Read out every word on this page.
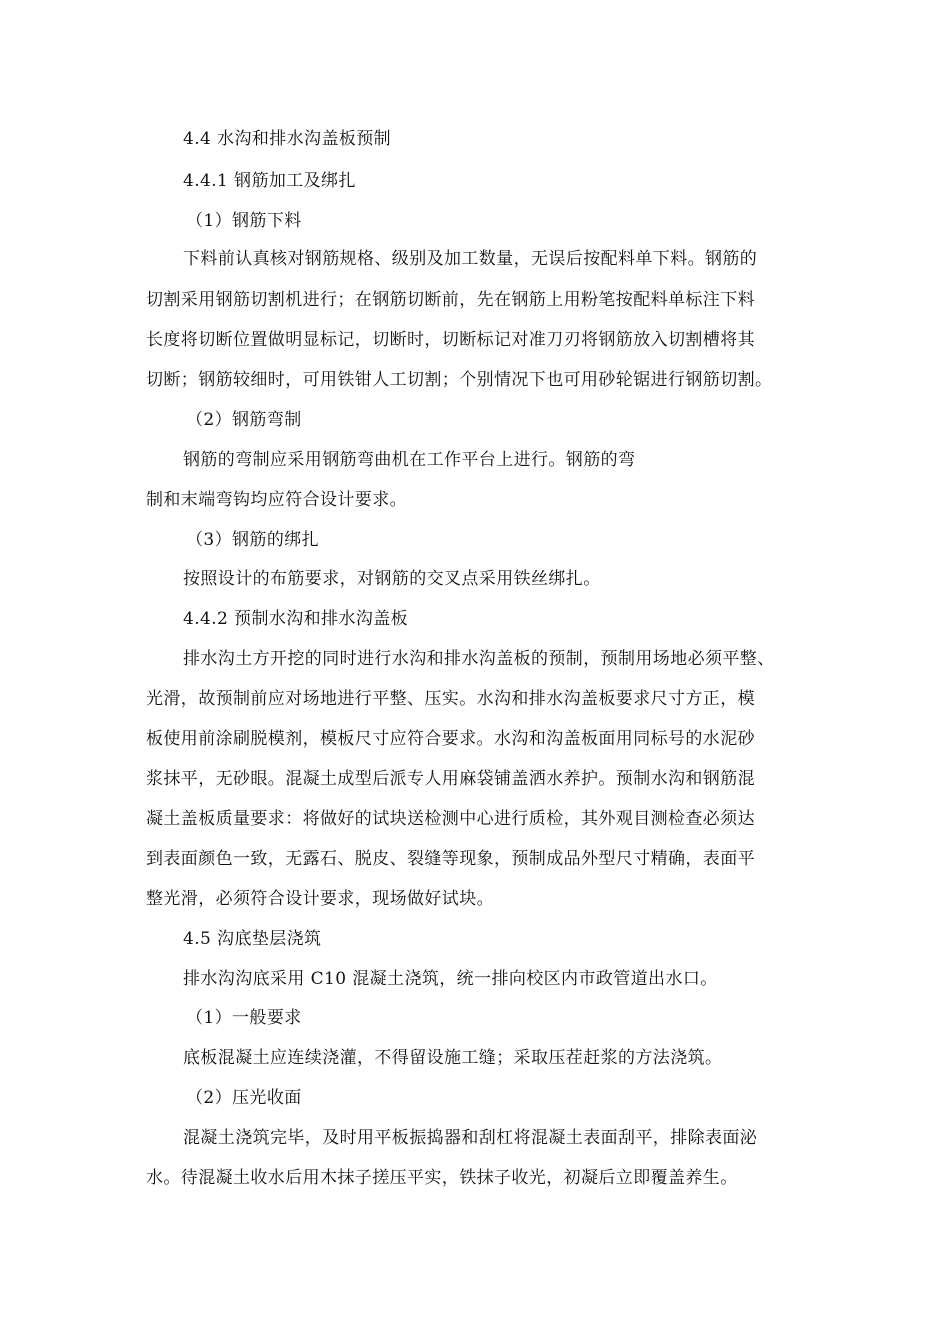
4.4 水沟和排水沟盖板预制
4.4.1 钢筋加工及绑扎
（1）钢筋下料
下料前认真核对钢筋规格、级别及加工数量，无误后按配料单下料。钢筋的
切割采用钢筋切割机进行；在钢筋切断前，先在钢筋上用粉笔按配料单标注下料
长度将切断位置做明显标记，切断时，切断标记对准刀刃将钢筋放入切割槽将其
切断；钢筋较细时，可用铁钳人工切割；个别情况下也可用砂轮锯进行钢筋切割。
（2）钢筋弯制
钢筋的弯制应采用钢筋弯曲机在工作平台上进行。钢筋的弯
制和末端弯钩均应符合设计要求。
（3）钢筋的绑扎
按照设计的布筋要求，对钢筋的交叉点采用铁丝绑扎。
4.4.2 预制水沟和排水沟盖板
排水沟土方开挖的同时进行水沟和排水沟盖板的预制，预制用场地必须平整、
光滑，故预制前应对场地进行平整、压实。水沟和排水沟盖板要求尺寸方正，模
板使用前涂刷脱模剂，模板尺寸应符合要求。水沟和沟盖板面用同标号的水泥砂
浆抹平，无砂眼。混凝土成型后派专人用麻袋铺盖洒水养护。预制水沟和钢筋混
凝土盖板质量要求：将做好的试块送检测中心进行质检，其外观目测检查必须达
到表面颜色一致，无露石、脱皮、裂缝等现象，预制成品外型尺寸精确，表面平
整光滑，必须符合设计要求，现场做好试块。
4.5 沟底垫层浇筑
排水沟沟底采用 C10 混凝土浇筑，统一排向校区内市政管道出水口。
（1）一般要求
底板混凝土应连续浇灌，不得留设施工缝；采取压茬赶浆的方法浇筑。
（2）压光收面
混凝土浇筑完毕，及时用平板振捣器和刮杠将混凝土表面刮平，排除表面泌
水。待混凝土收水后用木抹子搓压平实，铁抹子收光，初凝后立即覆盖养生。
